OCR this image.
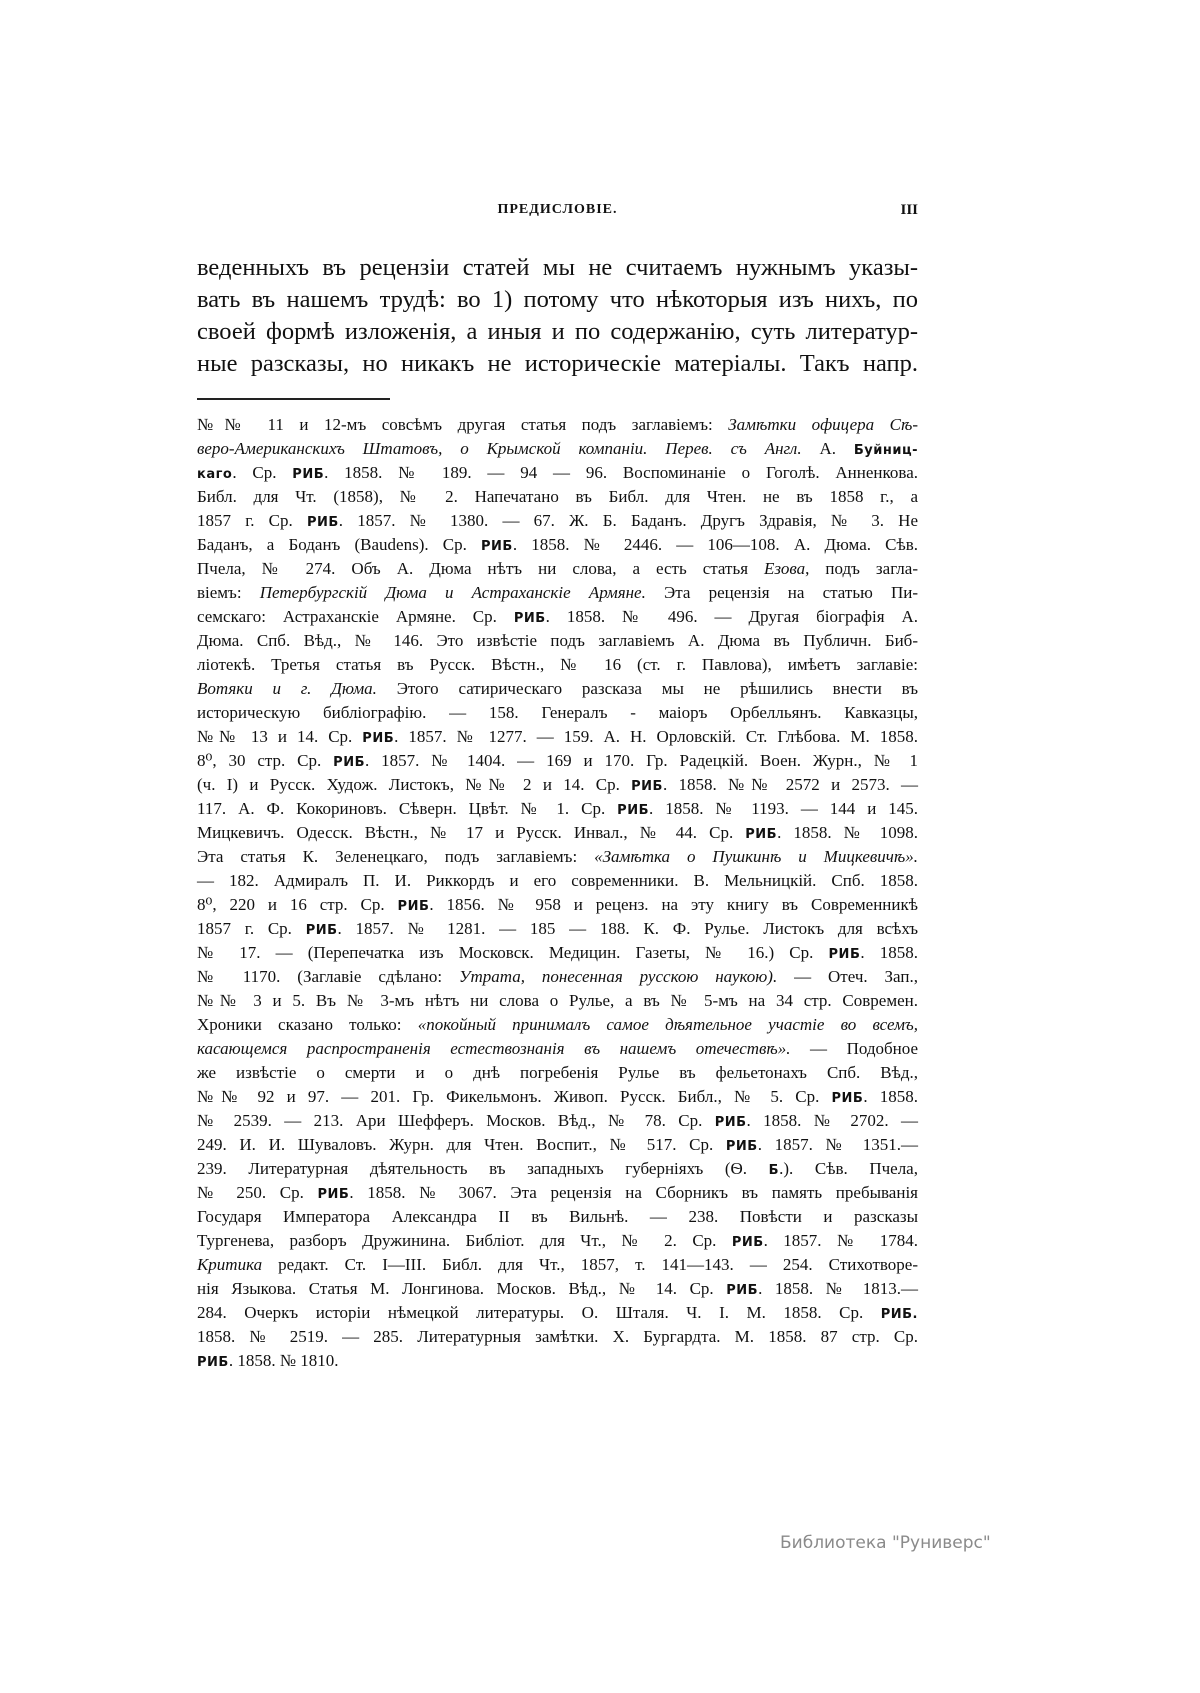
ПРЕДИСЛОВІЕ.	III
веденныхъ въ рецензіи статей мы не считаемъ нужнымъ указы-
вать въ нашемъ трудѣ: во 1) потому что нѣкоторыя изъ нихъ, по
своей формѣ изложенія, а иныя и по содержанію, суть литератур-
ные разсказы, но никакъ не историческіе матеріалы. Такъ напр.
№№ 11 и 12-мъ совсѣмъ другая статья подъ заглавіемъ: Замѣтки офицера Сѣ-
веро-Американскихъ Штатовъ, о Крымской компаніи. Перев. съ Англ. А. Буйниц-
каго. Ср. РИБ. 1858. № 189. — 94 — 96. Воспоминаніе о Гоголѣ. Анненкова.
Библ. для Чт. (1858), № 2. Напечатано въ Библ. для Чтен. не въ 1858 г., а
1857 г. Ср. РИБ. 1857. № 1380. — 67. Ж. Б. Баданъ. Другъ Здравія, № 3. Не
Баданъ, а Боданъ (Baudens). Ср. РИБ. 1858. № 2446. — 106—108. А. Дюма. Сѣв.
Пчела, № 274. Объ А. Дюма нѣтъ ни слова, а есть статья Езова, подъ загла-
віемъ: Петербургскій Дюма и Астраханскіе Армяне. Эта рецензія на статью Пи-
семскаго: Астраханскіе Армяне. Ср. РИБ. 1858. № 496. — Другая біографія А.
Дюма. Спб. Вѣд., № 146. Это извѣстіе подъ заглавіемъ А. Дюма въ Публичн. Биб-
ліотекѣ. Третья статья въ Русск. Вѣстн., № 16 (ст. г. Павлова), имѣетъ заглавіе:
Вотяки и г. Дюма. Этого сатирическаго разсказа мы не рѣшились внести въ
историческую библіографію. — 158. Генералъ - маіоръ Орбелльянъ. Кавказцы,
№№ 13 и 14. Ср. РИБ. 1857. № 1277. — 159. А. Н. Орловскій. Ст. Глѣбова. М. 1858.
8⁰, 30 стр. Ср. РИБ. 1857. № 1404. — 169 и 170. Гр. Радецкій. Воен. Журн., № 1
(ч. I) и Русск. Худож. Листокъ, №№ 2 и 14. Ср. РИБ. 1858. №№ 2572 и 2573. —
117. А. Ф. Кокориновъ. Сѣверн. Цвѣт. № 1. Ср. РИБ. 1858. № 1193. — 144 и 145.
Мицкевичъ. Одесск. Вѣстн., № 17 и Русск. Инвал., № 44. Ср. РИБ. 1858. № 1098.
Эта статья К. Зеленецкаго, подъ заглавіемъ: «Замѣтка о Пушкинѣ и Мицкевичѣ».
— 182. Адмиралъ П. И. Риккордъ и его современники. В. Мельницкій. Спб. 1858.
8⁰, 220 и 16 стр. Ср. РИБ. 1856. № 958 и реценз. на эту книгу въ Современникѣ
1857 г. Ср. РИБ. 1857. № 1281. — 185 — 188. К. Ф. Рулье. Листокъ для всѣхъ
№ 17. — (Перепечатка изъ Московск. Медицин. Газеты, № 16.) Ср. РИБ. 1858.
№ 1170. (Заглавіе сдѣлано: Утрата, понесенная русскою наукою). — Отеч. Зап.,
№№ 3 и 5. Въ № 3-мъ нѣтъ ни слова о Рулье, а въ № 5-мъ на 34 стр. Современ.
Хроники сказано только: «покойный принималъ самое дѣятельное участіе во всемъ,
касающемся распространенія естествознанія въ нашемъ отечествѣ». — Подобное
же извѣстіе о смерти и о днѣ погребенія Рулье въ фельетонахъ Спб. Вѣд.,
№№ 92 и 97. — 201. Гр. Фикельмонъ. Живоп. Русск. Библ., № 5. Ср. РИБ. 1858.
№ 2539. — 213. Ари Шефферъ. Москов. Вѣд., № 78. Ср. РИБ. 1858. № 2702. —
249. И. И. Шуваловъ. Журн. для Чтен. Воспит., № 517. Ср. РИБ. 1857. № 1351.—
239. Литературная дѣятельность въ западныхъ губерніяхъ (Ѳ. Б.). Сѣв. Пчела,
№ 250. Ср. РИБ. 1858. № 3067. Эта рецензія на Сборникъ въ память пребыванія
Государя Императора Александра II въ Вильнѣ. — 238. Повѣсти и разсказы
Тургенева, разборъ Дружинина. Библіот. для Чт., № 2. Ср. РИБ. 1857. № 1784.
Критика редакт. Ст. I—III. Библ. для Чт., 1857, т. 141—143. — 254. Стихотворе-
нія Языкова. Статья М. Лонгинова. Москов. Вѣд., № 14. Ср. РИБ. 1858. № 1813.—
284. Очеркъ исторіи нѣмецкой литературы. О. Шталя. Ч. I. М. 1858. Ср. РИБ.
1858. № 2519. — 285. Литературныя замѣтки. Х. Бургардта. М. 1858. 87 стр. Ср.
РИБ. 1858. № 1810.
Библиотека "Руниверс"
